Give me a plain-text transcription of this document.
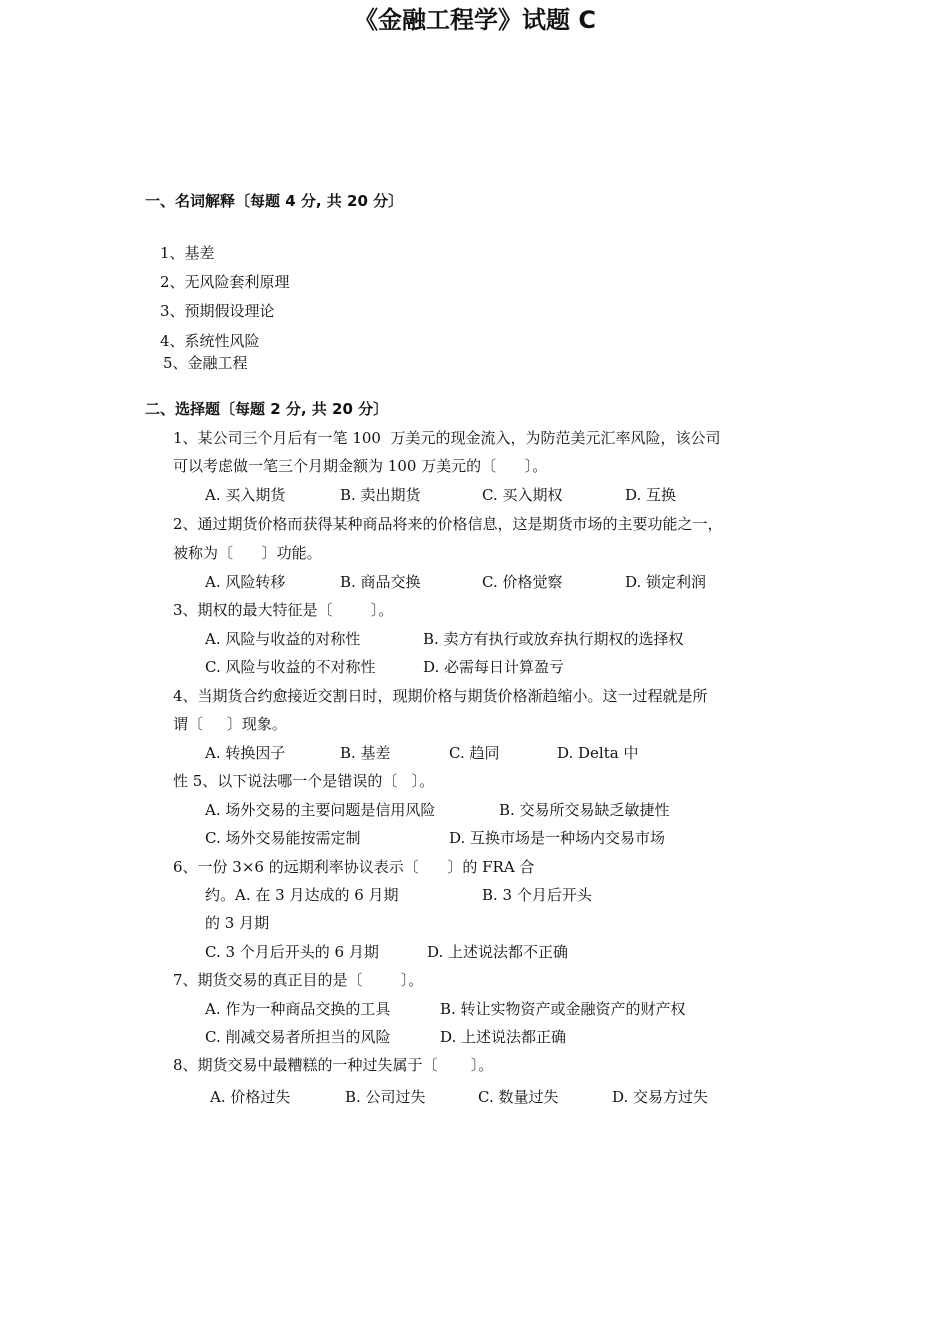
《金融工程学》试题 C
一、名词解释〔每题 4 分, 共 20 分〕
1、基差
2、无风险套利原理
3、预期假设理论
4、系统性风险
5、金融工程
二、选择题〔每题 2 分, 共 20 分〕
1、某公司三个月后有一笔 100  万美元的现金流入，为防范美元汇率风险，该公司
可以考虑做一笔三个月期金额为 100 万美元的〔      〕。
A. 买入期货	B. 卖出期货	C. 买入期权	D. 互换
2、通过期货价格而获得某种商品将来的价格信息，这是期货市场的主要功能之一，
被称为〔      〕功能。
A. 风险转移	B. 商品交换	C. 价格觉察	D. 锁定利润
3、期权的最大特征是〔        〕。
A. 风险与收益的对称性	B. 卖方有执行或放弃执行期权的选择权
C. 风险与收益的不对称性	D. 必需每日计算盈亏
4、当期货合约愈接近交割日时，现期价格与期货价格渐趋缩小。这一过程就是所
谓〔     〕现象。
A. 转换因子	B. 基差	C. 趋同	D. Delta 中
性 5、以下说法哪一个是错误的〔   〕。
A. 场外交易的主要问题是信用风险	B. 交易所交易缺乏敏捷性
C. 场外交易能按需定制	D. 互换市场是一种场内交易市场
6、一份 3×6 的远期利率协议表示〔      〕的 FRA 合
约。A. 在 3 月达成的 6 月期	B. 3 个月后开头
的 3 月期
C. 3 个月后开头的 6 月期	D. 上述说法都不正确
7、期货交易的真正目的是〔        〕。
A. 作为一种商品交换的工具	B. 转让实物资产或金融资产的财产权
C. 削减交易者所担当的风险	D. 上述说法都正确
8、期货交易中最糟糕的一种过失属于〔       〕。
A. 价格过失	B. 公司过失	C. 数量过失	D. 交易方过失
